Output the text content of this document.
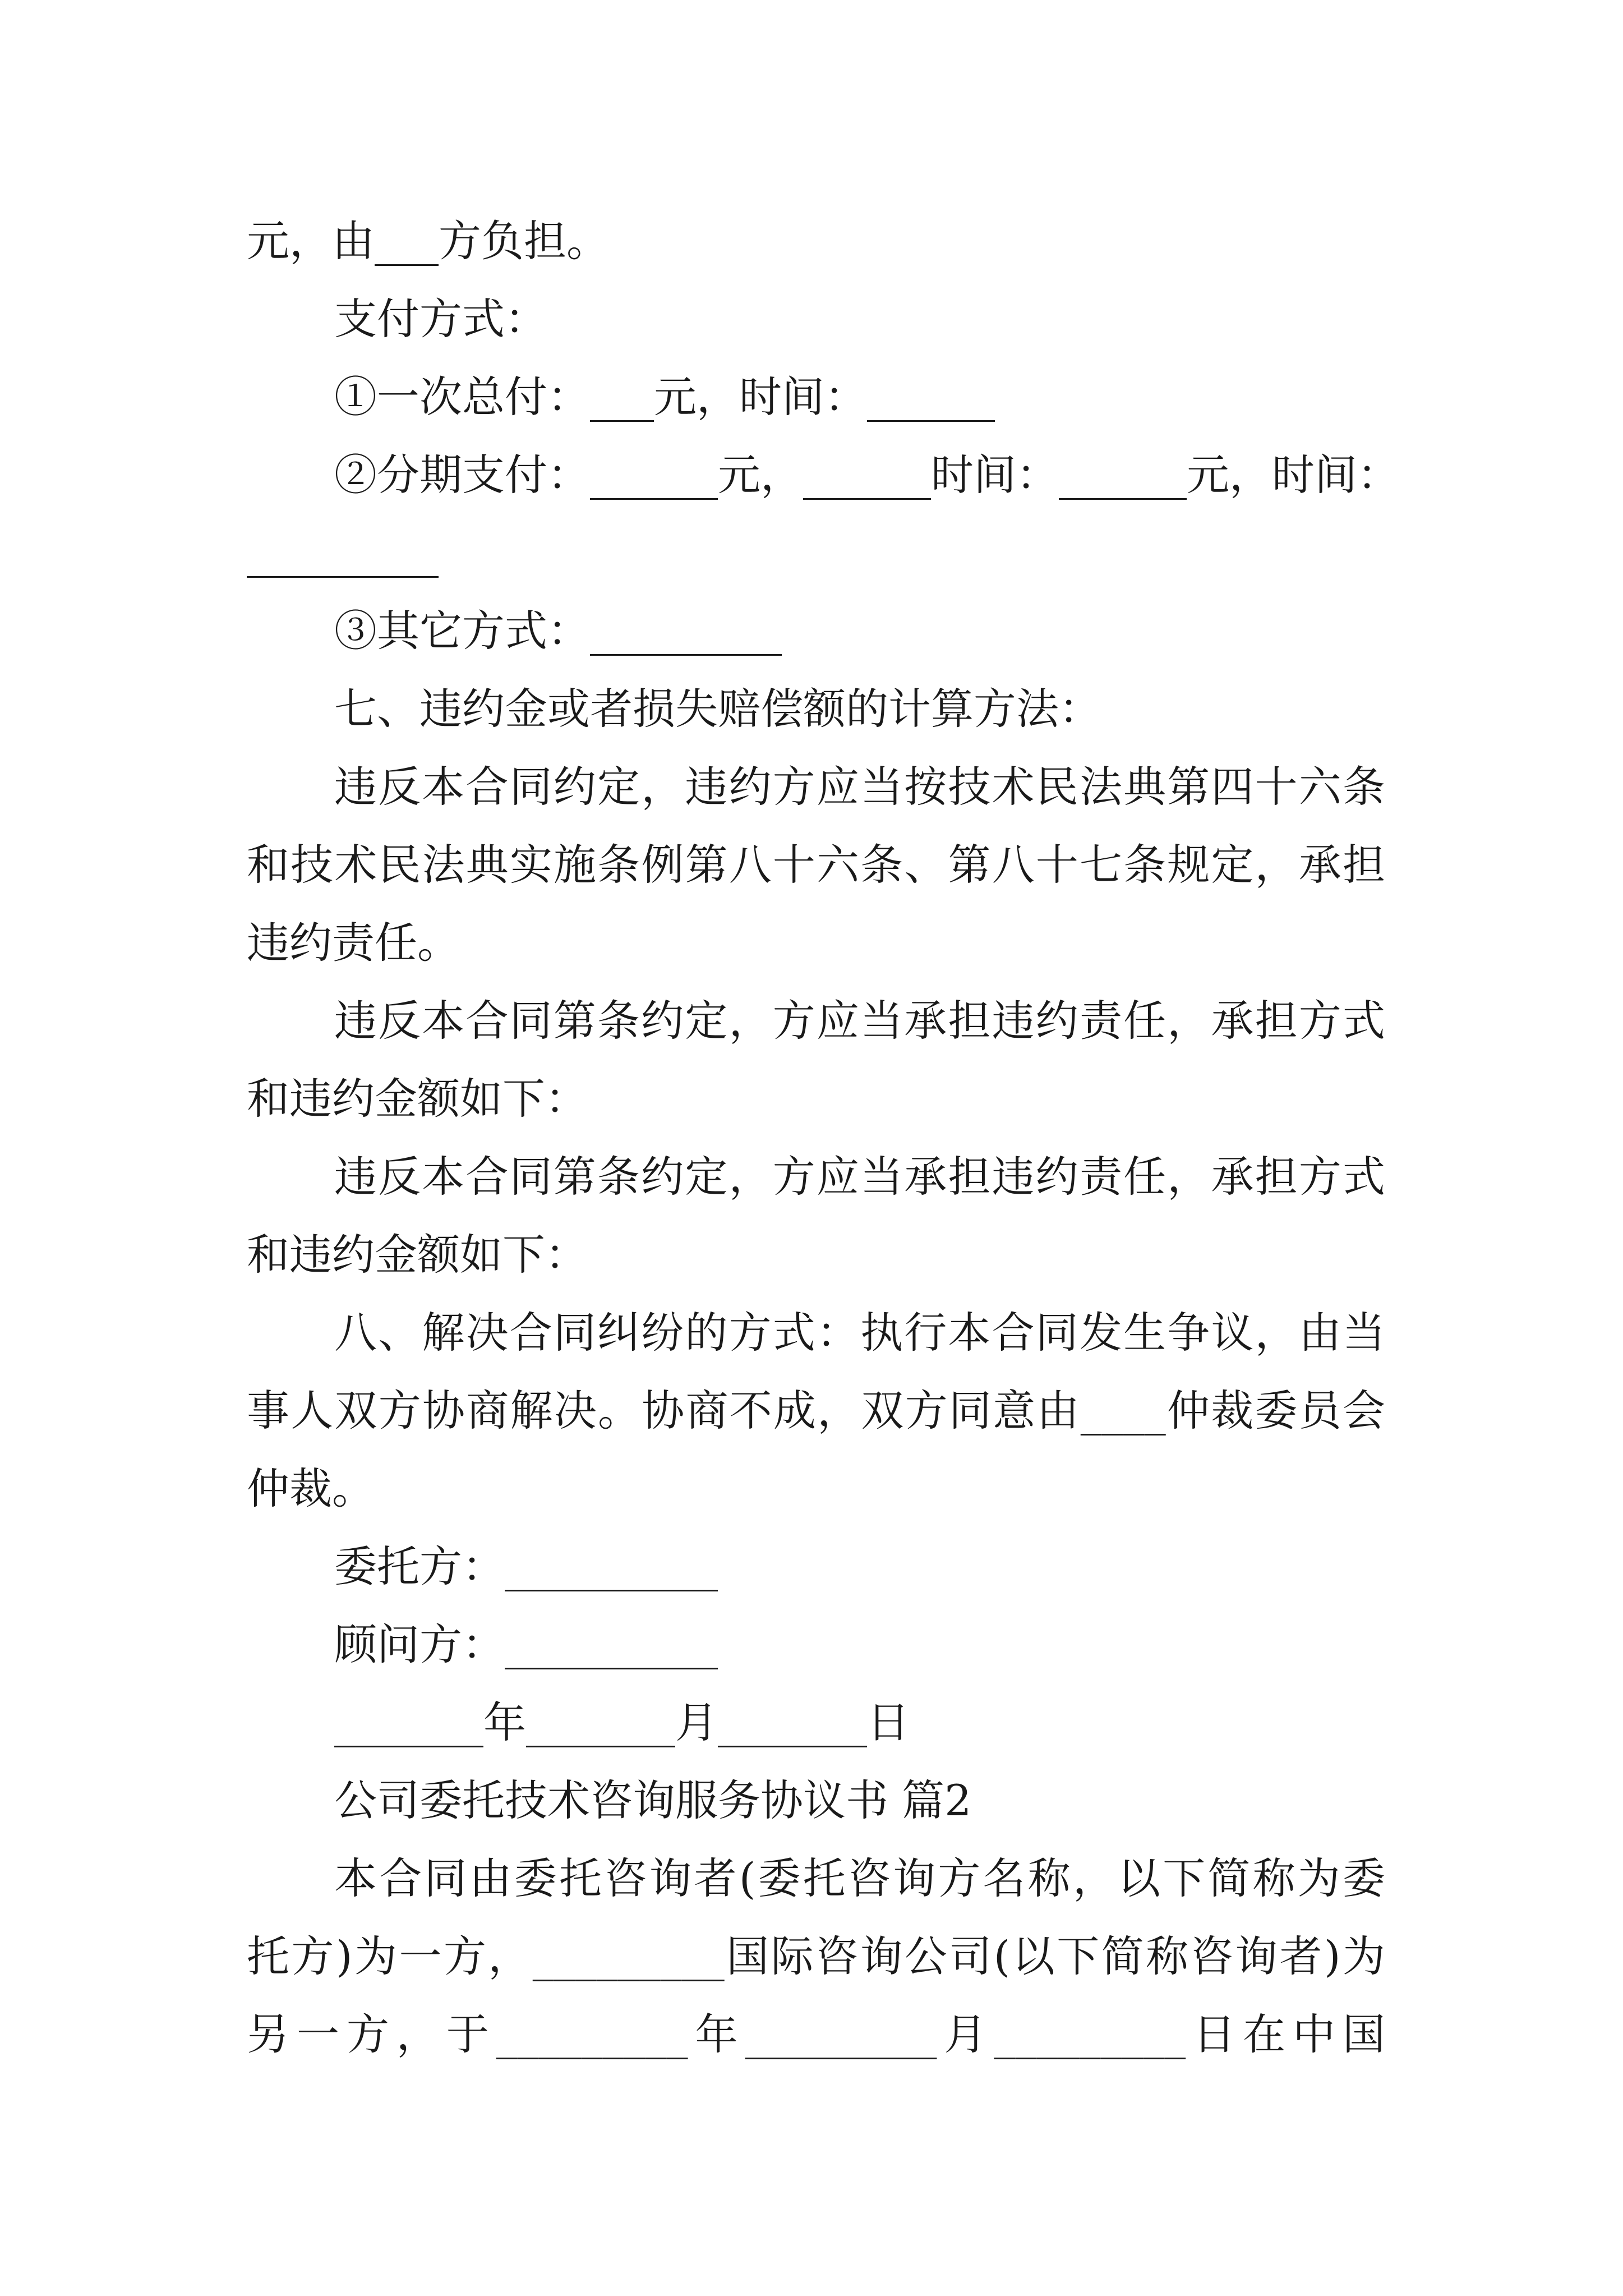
元，由___方负担。
支付方式：
①一次总付：___元，时间：______
②分期支付：______元，______时间：______元，时间：
_________
③其它方式：_________
七、违约金或者损失赔偿额的计算方法：
违反本合同约定，违约方应当按技术民法典第四十六条
和技术民法典实施条例第八十六条、第八十七条规定，承担
违约责任。
违反本合同第条约定，方应当承担违约责任，承担方式
和违约金额如下：
违反本合同第条约定，方应当承担违约责任，承担方式
和违约金额如下：
八、解决合同纠纷的方式：执行本合同发生争议，由当
事人双方协商解决。协商不成，双方同意由____仲裁委员会
仲裁。
委托方：__________
顾问方：__________
_______年_______月_______日
公司委托技术咨询服务协议书 篇2
本合同由委托咨询者(委托咨询方名称，以下简称为委
托方)为一方，_________国际咨询公司(以下简称咨询者)为
另一方，于_________年_________月_________日在中国
